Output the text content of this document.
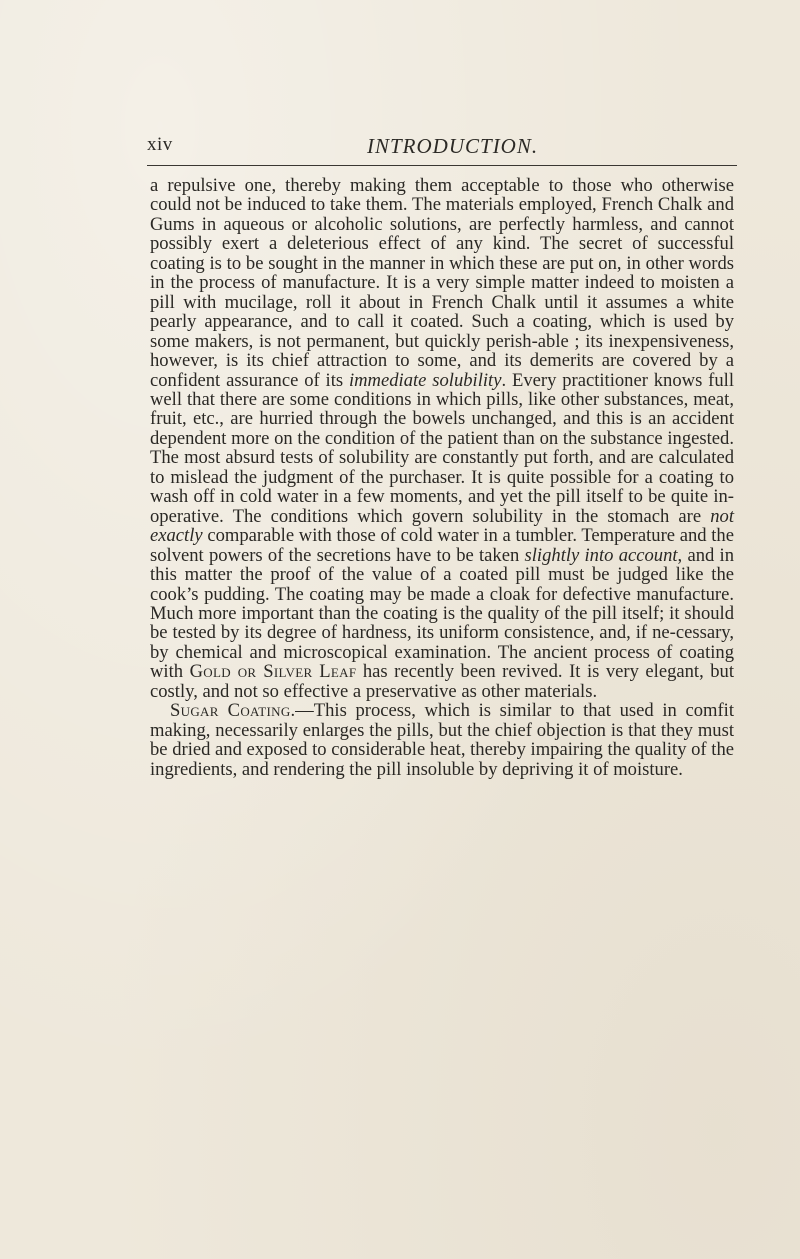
xiv	INTRODUCTION.

a repulsive one, thereby making them acceptable to those who otherwise could not be induced to take them. The materials employed, French Chalk and Gums in aqueous or alcoholic solutions, are perfectly harmless, and cannot possibly exert a deleterious effect of any kind. The secret of successful coating is to be sought in the manner in which these are put on, in other words in the process of manufacture. It is a very simple matter indeed to moisten a pill with mucilage, roll it about in French Chalk until it assumes a white pearly appearance, and to call it coated. Such a coating, which is used by some makers, is not permanent, but quickly perish-able ; its inexpensiveness, however, is its chief attraction to some, and its demerits are covered by a confident assurance of its immediate solubility. Every practitioner knows full well that there are some conditions in which pills, like other substances, meat, fruit, etc., are hurried through the bowels unchanged, and this is an accident dependent more on the condition of the patient than on the substance ingested. The most absurd tests of solubility are constantly put forth, and are calculated to mislead the judgment of the purchaser. It is quite possible for a coating to wash off in cold water in a few moments, and yet the pill itself to be quite in-operative. The conditions which govern solubility in the stomach are not exactly comparable with those of cold water in a tumbler. Temperature and the solvent powers of the secretions have to be taken slightly into account, and in this matter the proof of the value of a coated pill must be judged like the cook’s pudding. The coating may be made a cloak for defective manufacture. Much more important than the coating is the quality of the pill itself; it should be tested by its degree of hardness, its uniform consistence, and, if ne-cessary, by chemical and microscopical examination. The ancient process of coating with Gold or Silver Leaf has recently been revived. It is very elegant, but costly, and not so effective a preservative as other materials.

Sugar Coating.—This process, which is similar to that used in comfit making, necessarily enlarges the pills, but the chief objection is that they must be dried and exposed to considerable heat, thereby impairing the quality of the ingredients, and rendering the pill insoluble by depriving it of moisture.
